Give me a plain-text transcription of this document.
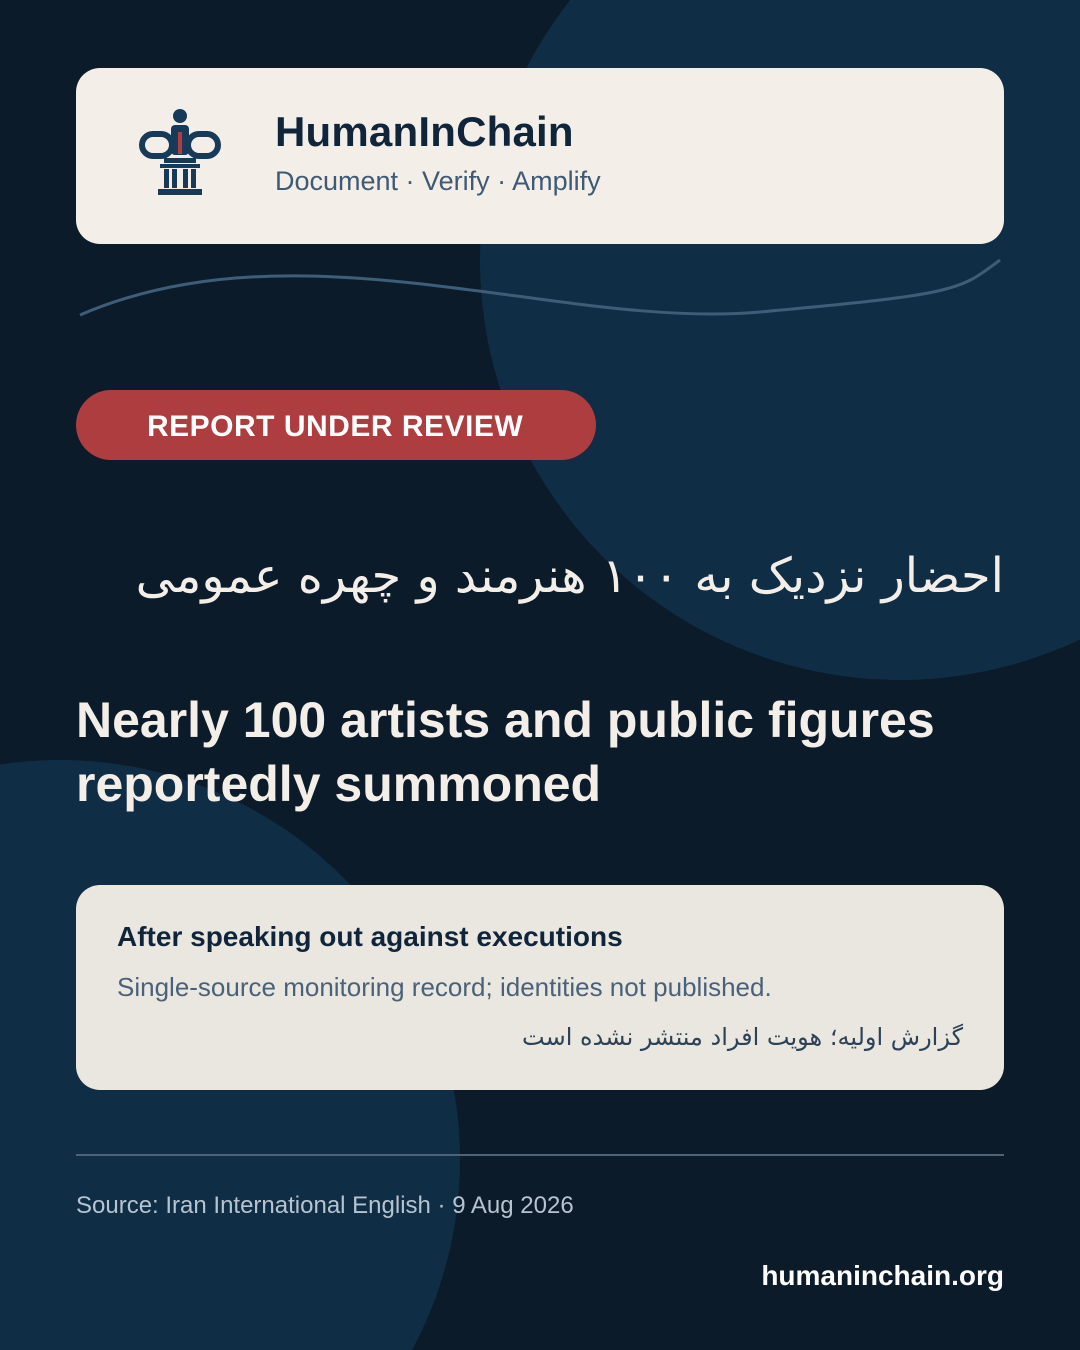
HumanInChain
Document · Verify · Amplify
REPORT UNDER REVIEW
احضار نزدیک به ۱۰۰ هنرمند و چهره عمومی
Nearly 100 artists and public figures reportedly summoned
After speaking out against executions
Single-source monitoring record; identities not published.
گزارش اولیه؛ هویت افراد منتشر نشده است
Source: Iran International English · 9 Aug 2026
humaninchain.org
